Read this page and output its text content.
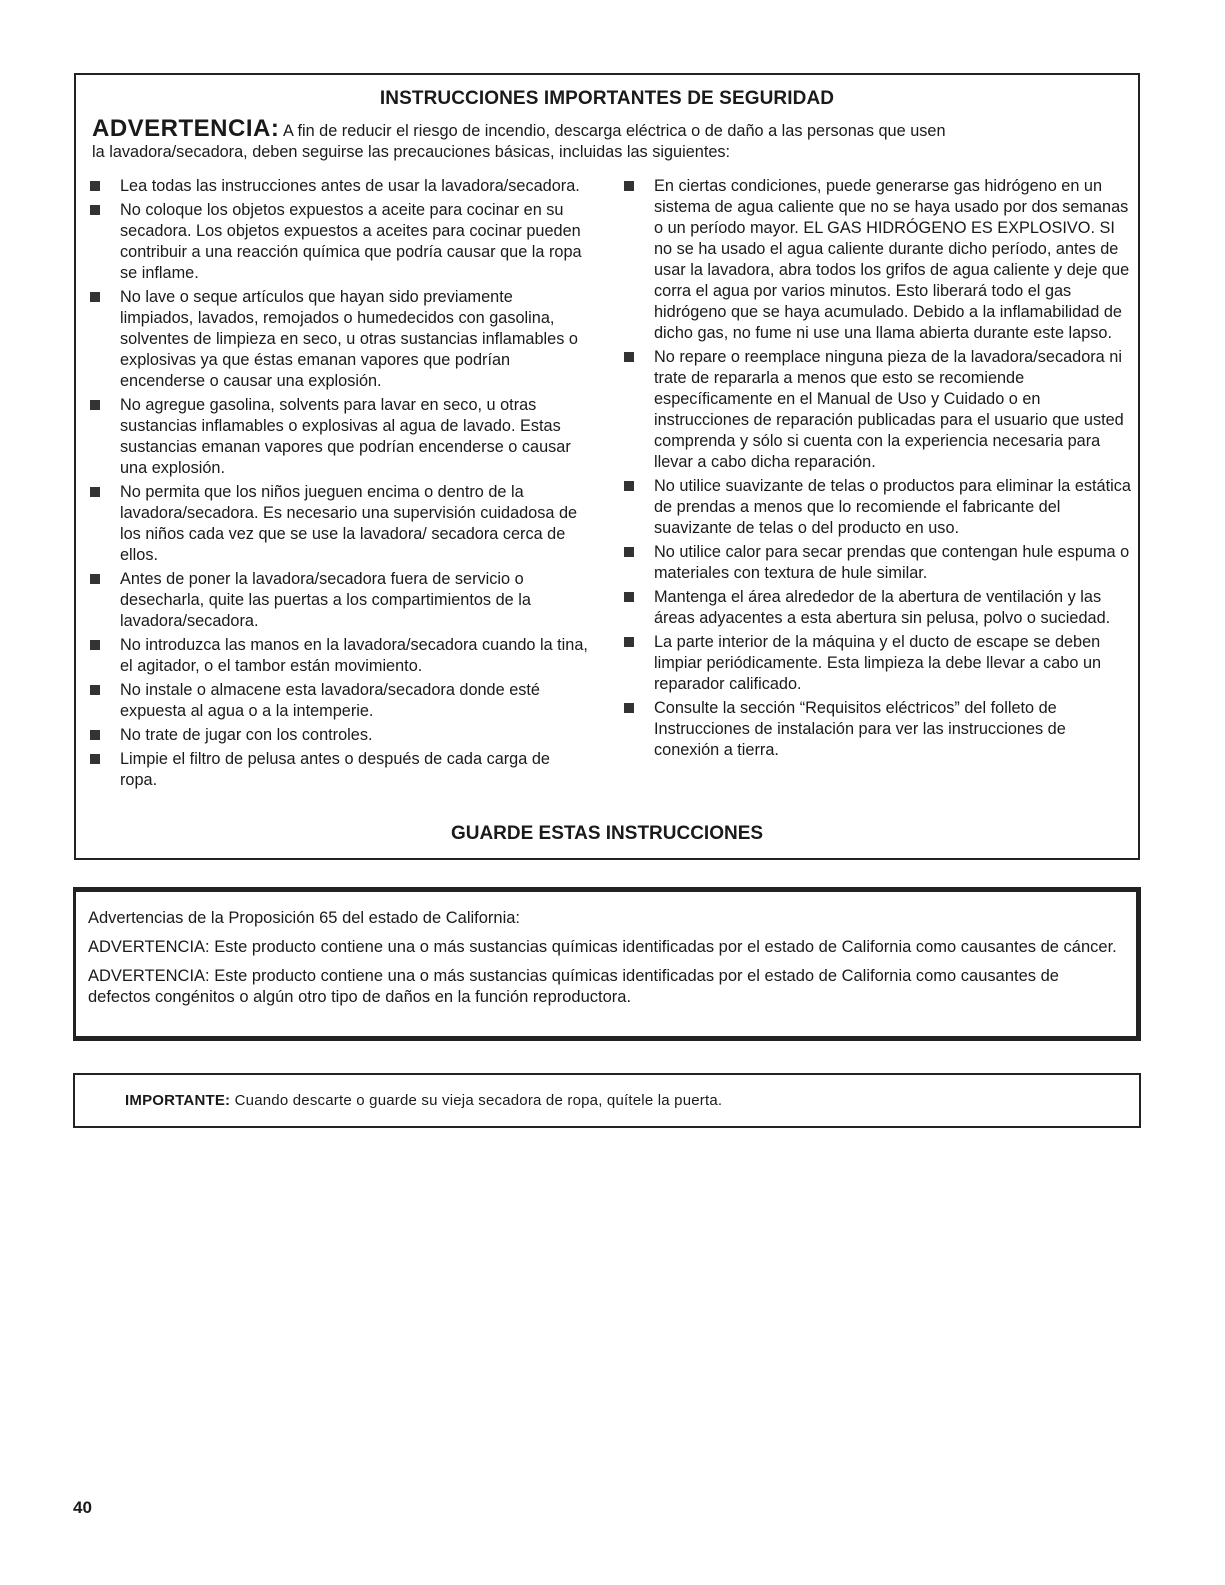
INSTRUCCIONES IMPORTANTES DE SEGURIDAD
ADVERTENCIA: A fin de reducir el riesgo de incendio, descarga eléctrica o de daño a las personas que usen
la lavadora/secadora, deben seguirse las precauciones básicas, incluidas las siguientes:
Lea todas las instrucciones antes de usar la lavadora/secadora.
No coloque los objetos expuestos a aceite para cocinar en su secadora. Los objetos expuestos a aceites para cocinar pueden contribuir a una reacción química que podría causar que la ropa se inflame.
No lave o seque artículos que hayan sido previamente limpiados, lavados, remojados o humedecidos con gasolina, solventes de limpieza en seco, u otras sustancias inflamables o explosivas ya que éstas emanan vapores que podrían encenderse o causar una explosión.
No agregue gasolina, solvents para lavar en seco, u otras sustancias inflamables o explosivas al agua de lavado. Estas sustancias emanan vapores que podrían encenderse o causar una explosión.
No permita que los niños jueguen encima o dentro de la lavadora/secadora. Es necesario una supervisión cuidadosa de los niños cada vez que se use la lavadora/ secadora cerca de ellos.
Antes de poner la lavadora/secadora fuera de servicio o desecharla, quite las puertas a los compartimientos de la lavadora/secadora.
No introduzca las manos en la lavadora/secadora cuando la tina, el agitador, o el tambor están movimiento.
No instale o almacene esta lavadora/secadora donde esté expuesta al agua o a la intemperie.
No trate de jugar con los controles.
Limpie el filtro de pelusa antes o después de cada carga de ropa.
En ciertas condiciones, puede generarse gas hidrógeno en un sistema de agua caliente que no se haya usado por dos semanas o un período mayor. EL GAS HIDRÓGENO ES EXPLOSIVO. SI no se ha usado el agua caliente durante dicho período, antes de usar la lavadora, abra todos los grifos de agua caliente y deje que corra el agua por varios minutos. Esto liberará todo el gas hidrógeno que se haya acumulado. Debido a la inflamabilidad de dicho gas, no fume ni use una llama abierta durante este lapso.
No repare o reemplace ninguna pieza de la lavadora/secadora ni trate de repararla a menos que esto se recomiende específicamente en el Manual de Uso y Cuidado o en instrucciones de reparación publicadas para el usuario que usted comprenda y sólo si cuenta con la experiencia necesaria para llevar a cabo dicha reparación.
No utilice suavizante de telas o productos para eliminar la estática de prendas a menos que lo recomiende el fabricante del suavizante de telas o del producto en uso.
No utilice calor para secar prendas que contengan hule espuma o materiales con textura de hule similar.
Mantenga el área alrededor de la abertura de ventilación y las áreas adyacentes a esta abertura sin pelusa, polvo o suciedad.
La parte interior de la máquina y el ducto de escape se deben limpiar periódicamente. Esta limpieza la debe llevar a cabo un reparador calificado.
Consulte la sección “Requisitos eléctricos” del folleto de Instrucciones de instalación para ver las instrucciones de conexión a tierra.
GUARDE ESTAS INSTRUCCIONES

Advertencias de la Proposición 65 del estado de California:

ADVERTENCIA: Este producto contiene una o más sustancias químicas identificadas por el estado de California como causantes de cáncer.

ADVERTENCIA: Este producto contiene una o más sustancias químicas identificadas por el estado de California como causantes de defectos congénitos o algún otro tipo de daños en la función reproductora.

IMPORTANTE: Cuando descarte o guarde su vieja secadora de ropa, quítele la puerta.
40
